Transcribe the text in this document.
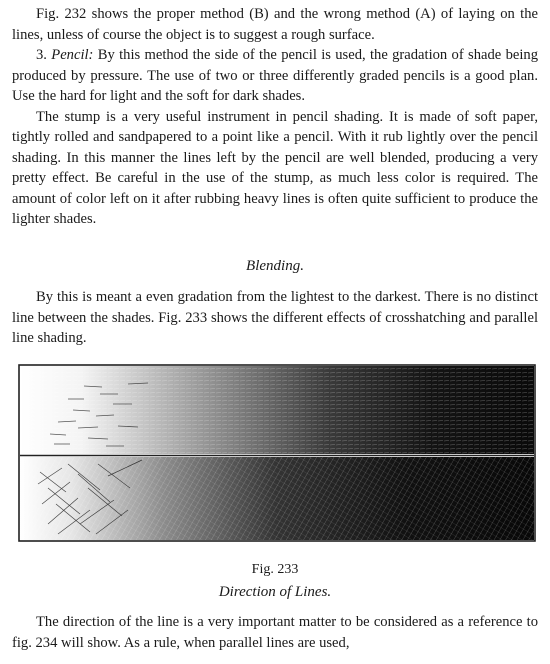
Fig. 232 shows the proper method (B) and the wrong method (A) of laying on the lines, unless of course the object is to suggest a rough surface.

3. Pencil: By this method the side of the pencil is used, the gradation of shade being produced by pressure. The use of two or three differently graded pencils is a good plan. Use the hard for light and the soft for dark shades.

The stump is a very useful instrument in pencil shading. It is made of soft paper, tightly rolled and sandpapered to a point like a pencil. With it rub lightly over the pencil shading. In this manner the lines left by the pencil are well blended, producing a very pretty effect. Be careful in the use of the stump, as much less color is required. The amount of color left on it after rubbing heavy lines is often quite sufficient to produce the lighter shades.

Blending.

By this is meant a even gradation from the lightest to the darkest. There is no distinct line between the shades. Fig. 233 shows the different effects of crosshatching and parallel line shading.

Fig. 233
Direction of Lines.

The direction of the line is a very important matter to be considered as a reference to fig. 234 will show. As a rule, when parallel lines are used,
